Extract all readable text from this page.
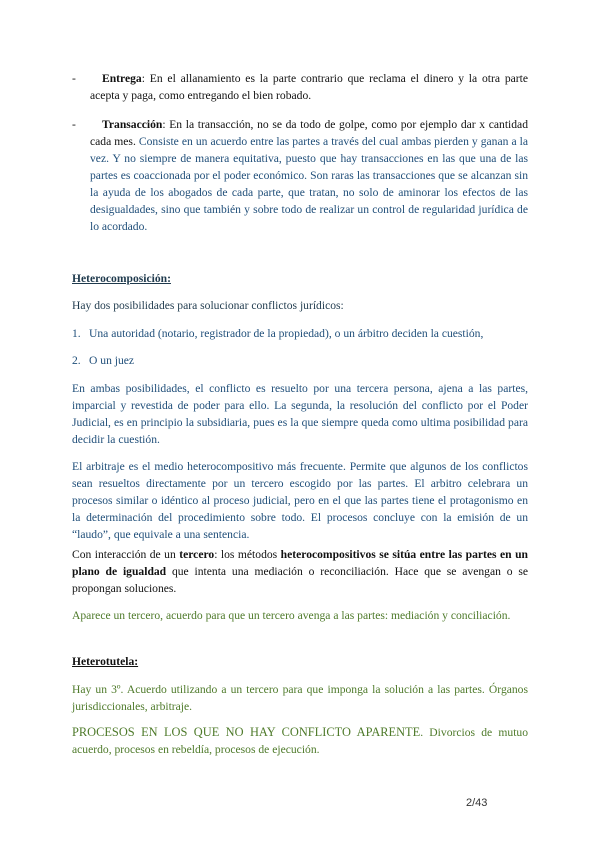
-	Entrega: En el allanamiento es la parte contrario que reclama el dinero y la otra parte acepta y paga, como entregando el bien robado.
-	Transacción: En la transacción, no se da todo de golpe, como por ejemplo dar x cantidad cada mes. Consiste en un acuerdo entre las partes a través del cual ambas pierden y ganan a la vez. Y no siempre de manera equitativa, puesto que hay transacciones en las que una de las partes es coaccionada por el poder económico. Son raras las transacciones que se alcanzan sin la ayuda de los abogados de cada parte, que tratan, no solo de aminorar los efectos de las desigualdades, sino que también y sobre todo de realizar un control de regularidad jurídica de lo acordado.

Heterocomposición:

Hay dos posibilidades para solucionar conflictos jurídicos:

1. Una autoridad (notario, registrador de la propiedad), o un árbitro deciden la cuestión,
2. O un juez

En ambas posibilidades, el conflicto es resuelto por una tercera persona, ajena a las partes, imparcial y revestida de poder para ello. La segunda, la resolución del conflicto por el Poder Judicial, es en principio la subsidiaria, pues es la que siempre queda como ultima posibilidad para decidir la cuestión.

El arbitraje es el medio heterocompositivo más frecuente. Permite que algunos de los conflictos sean resueltos directamente por un tercero escogido por las partes. El arbitro celebrara un procesos similar o idéntico al proceso judicial, pero en el que las partes tiene el protagonismo en la determinación del procedimiento sobre todo. El procesos concluye con la emisión de un “laudo”, que equivale a una sentencia.

Con interacción de un tercero: los métodos heterocompositivos se sitúa entre las partes en un plano de igualdad que intenta una mediación o reconciliación. Hace que se avengan o se propongan soluciones.

Aparece un tercero, acuerdo para que un tercero avenga a las partes: mediación y conciliación.

Heterotutela:

Hay un 3º. Acuerdo utilizando a un tercero para que imponga la solución a las partes. Órganos jurisdiccionales, arbitraje.

PROCESOS EN LOS QUE NO HAY CONFLICTO APARENTE. Divorcios de mutuo acuerdo, procesos en rebeldía, procesos de ejecución.

2/43
